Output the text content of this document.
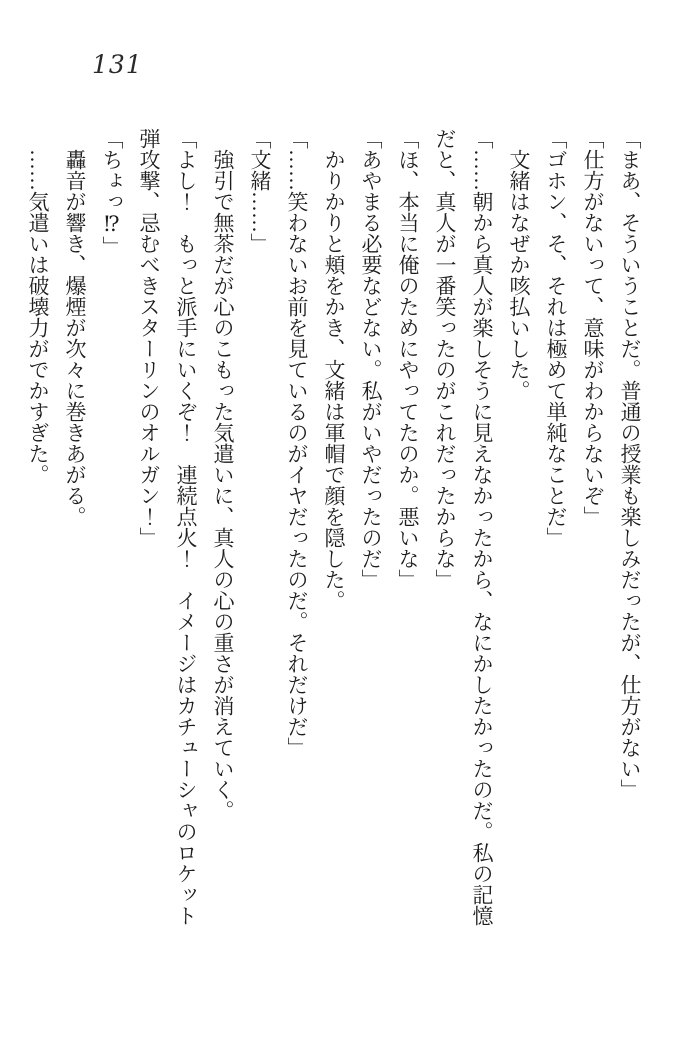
131

「まあ、そういうことだ。普通の授業も楽しみだったが、仕方がない」

「仕方がないって、意味がわからないぞ」

「ゴホン、そ、それは極めて単純なことだ」

文緒はなぜか咳払いした。

「……朝から真人が楽しそうに見えなかったから、なにかしたかったのだ。私の記憶

だと、真人が一番笑ったのがこれだったからな」

「ほ、本当に俺のためにやってたのか。悪いな」

「あやまる必要などない。私がいやだったのだ」

かりかりと頬をかき、文緒は軍帽で顔を隠した。

「……笑わないお前を見ているのがイヤだったのだ。それだけだ」

「文緒……」

強引で無茶だが心のこもった気遣いに、真人の心の重さが消えていく。

「よし！　もっと派手にいくぞ！　連続点火！　イメージはカチューシャのロケット

弾攻撃、忌むべきスターリンのオルガン！」

「ちょっ⁉」

轟音が響き、爆煙が次々に巻きあがる。

……気遣いは破壊力がでかすぎた。
